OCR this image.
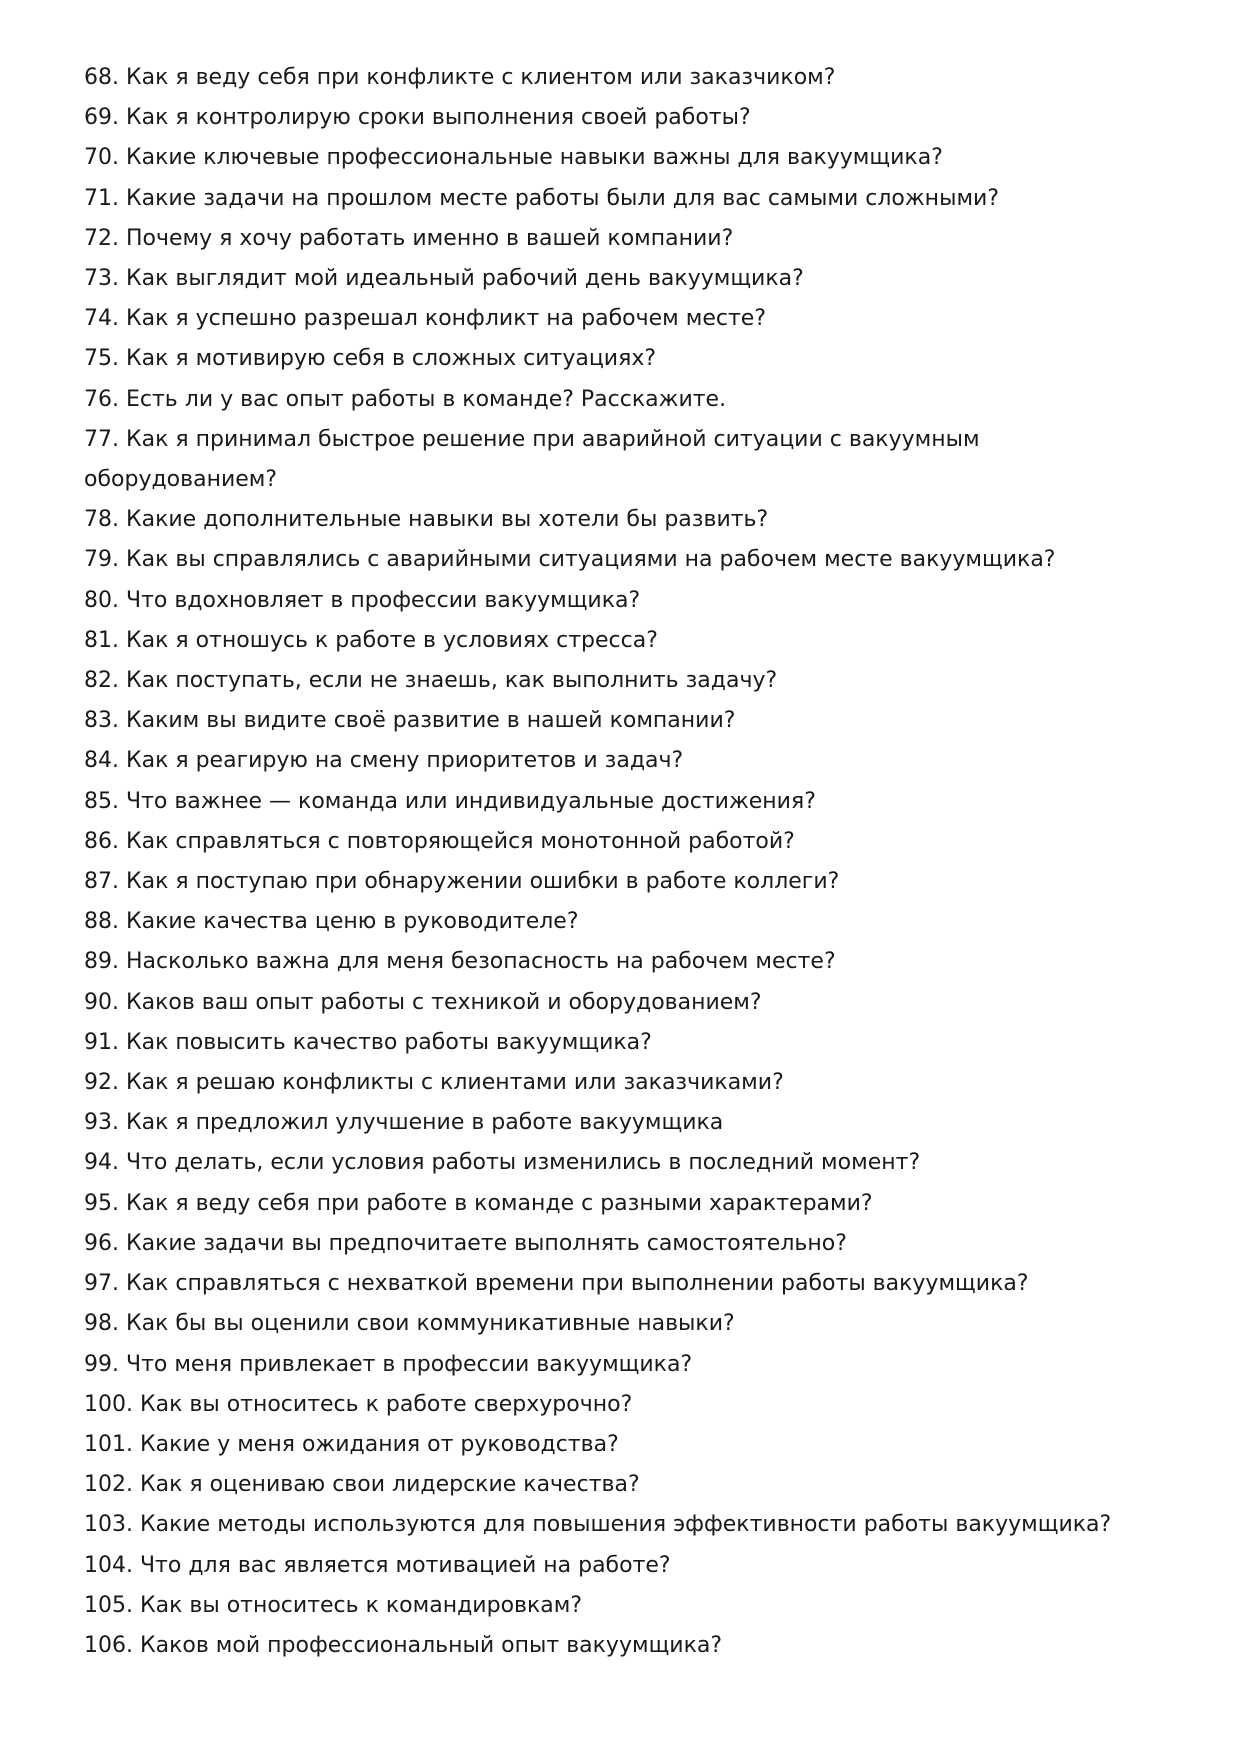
68. Как я веду себя при конфликте с клиентом или заказчиком?
69. Как я контролирую сроки выполнения своей работы?
70. Какие ключевые профессиональные навыки важны для вакуумщика?
71. Какие задачи на прошлом месте работы были для вас самыми сложными?
72. Почему я хочу работать именно в вашей компании?
73. Как выглядит мой идеальный рабочий день вакуумщика?
74. Как я успешно разрешал конфликт на рабочем месте?
75. Как я мотивирую себя в сложных ситуациях?
76. Есть ли у вас опыт работы в команде? Расскажите.
77. Как я принимал быстрое решение при аварийной ситуации с вакуумным оборудованием?
78. Какие дополнительные навыки вы хотели бы развить?
79. Как вы справлялись с аварийными ситуациями на рабочем месте вакуумщика?
80. Что вдохновляет в профессии вакуумщика?
81. Как я отношусь к работе в условиях стресса?
82. Как поступать, если не знаешь, как выполнить задачу?
83. Каким вы видите своё развитие в нашей компании?
84. Как я реагирую на смену приоритетов и задач?
85. Что важнее — команда или индивидуальные достижения?
86. Как справляться с повторяющейся монотонной работой?
87. Как я поступаю при обнаружении ошибки в работе коллеги?
88. Какие качества ценю в руководителе?
89. Насколько важна для меня безопасность на рабочем месте?
90. Каков ваш опыт работы с техникой и оборудованием?
91. Как повысить качество работы вакуумщика?
92. Как я решаю конфликты с клиентами или заказчиками?
93. Как я предложил улучшение в работе вакуумщика
94. Что делать, если условия работы изменились в последний момент?
95. Как я веду себя при работе в команде с разными характерами?
96. Какие задачи вы предпочитаете выполнять самостоятельно?
97. Как справляться с нехваткой времени при выполнении работы вакуумщика?
98. Как бы вы оценили свои коммуникативные навыки?
99. Что меня привлекает в профессии вакуумщика?
100. Как вы относитесь к работе сверхурочно?
101. Какие у меня ожидания от руководства?
102. Как я оцениваю свои лидерские качества?
103. Какие методы используются для повышения эффективности работы вакуумщика?
104. Что для вас является мотивацией на работе?
105. Как вы относитесь к командировкам?
106. Каков мой профессиональный опыт вакуумщика?
